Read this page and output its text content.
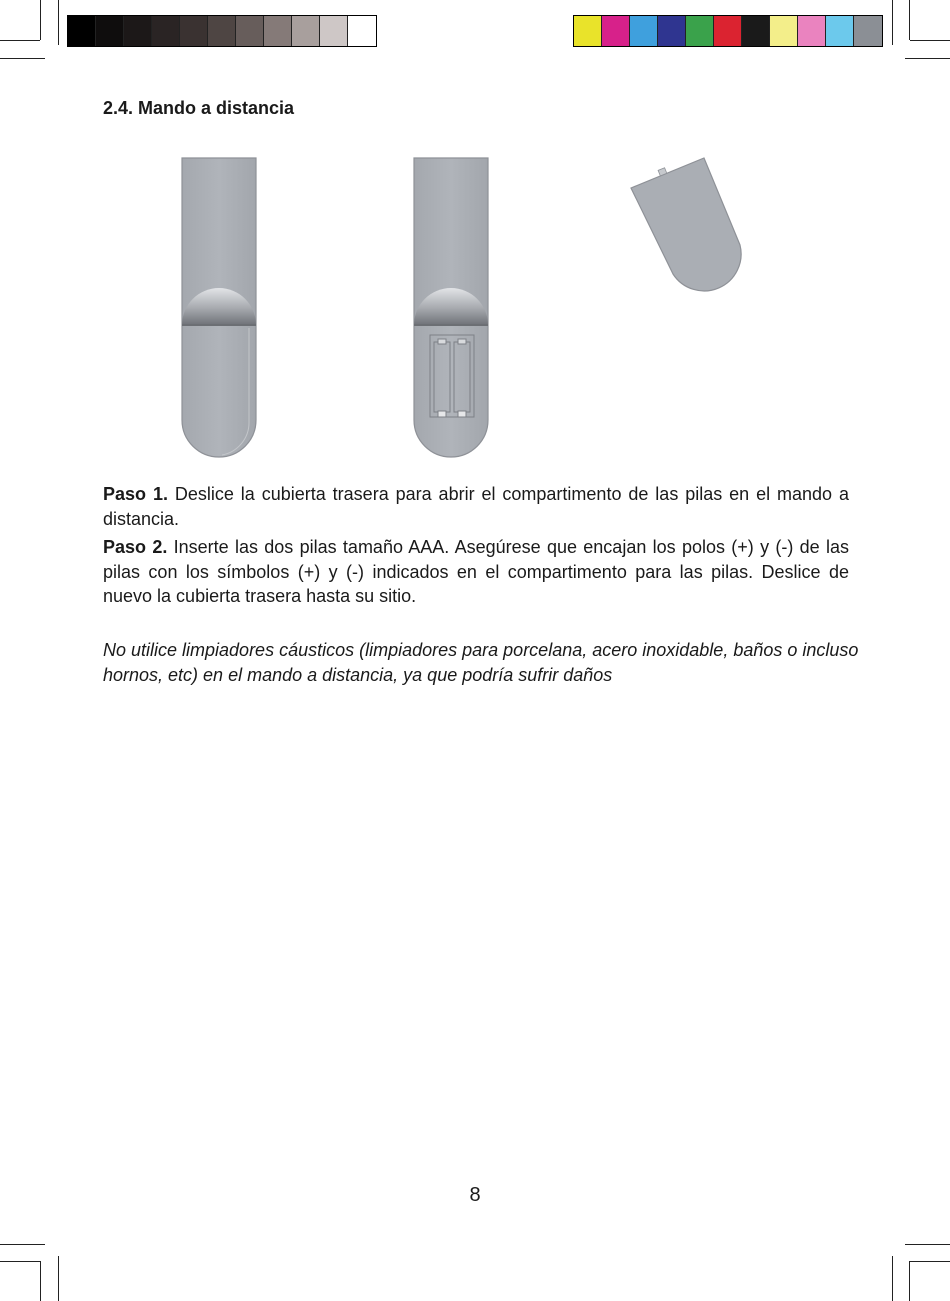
2.4. Mando a distancia
Paso 1. Deslice la cubierta trasera para abrir el compartimento de las pilas en el mando a distancia.
Paso 2. Inserte las dos pilas tamaño AAA. Asegúrese que encajan los polos (+) y (-) de las pilas con los símbolos (+) y (-) indicados en el compartimento para las pilas. Deslice de nuevo la cubierta trasera hasta su sitio.
No utilice limpiadores cáusticos (limpiadores para porcelana, acero inoxidable, baños o incluso hornos, etc) en el mando a distancia, ya que podría sufrir daños
8
